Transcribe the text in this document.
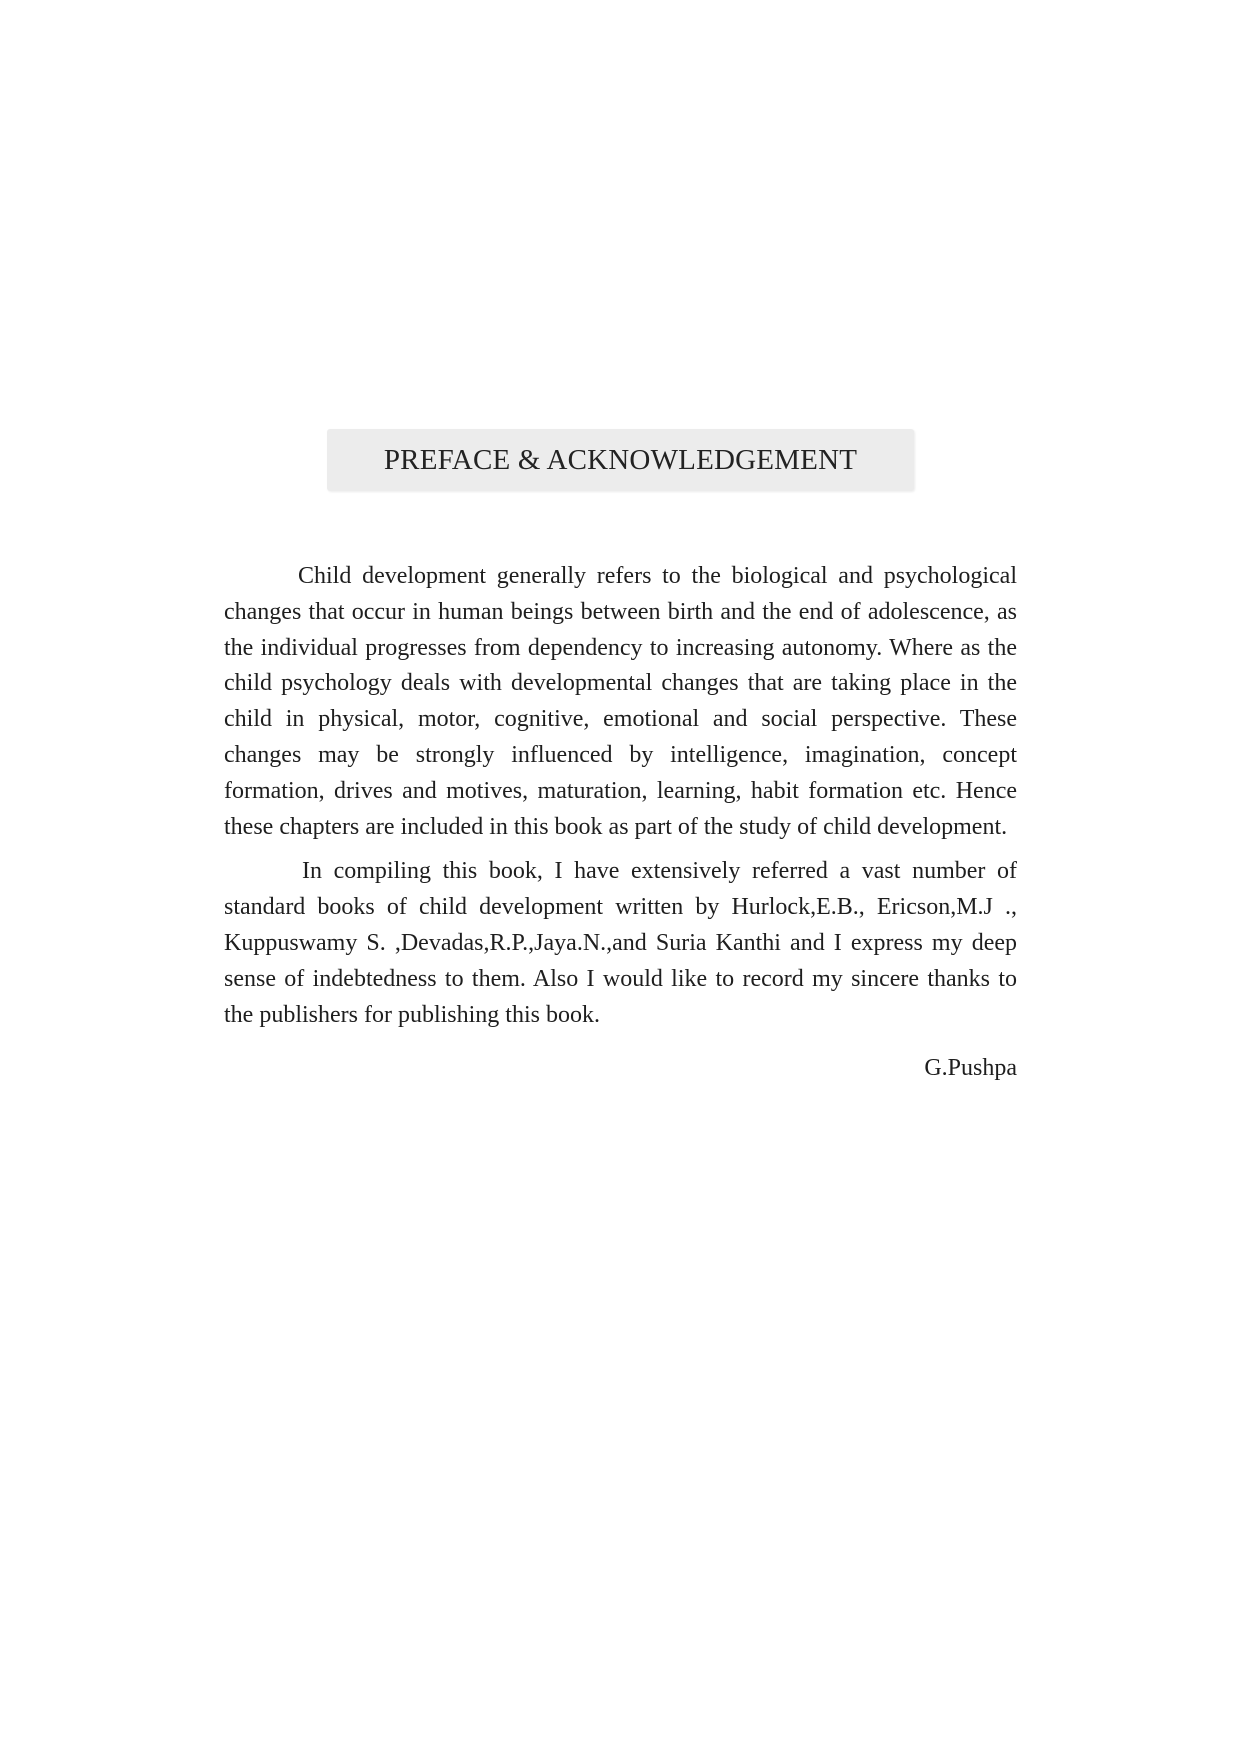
PREFACE & ACKNOWLEDGEMENT

Child development generally refers to the biological and psychological changes that occur in human beings between birth and the end of adolescence, as the individual progresses from dependency to increasing autonomy. Where as the child psychology deals with developmental changes that are taking place in the child in physical, motor, cognitive, emotional and social perspective. These changes may be strongly influenced by intelligence, imagination, concept formation, drives and motives, maturation, learning, habit formation etc. Hence these chapters are included in this book as part of the study of child development.

In compiling this book, I have extensively referred a vast number of standard books of child development written by Hurlock,E.B., Ericson,M.J ., Kuppuswamy S. ,Devadas,R.P.,Jaya.N.,and Suria Kanthi and I express my deep sense of indebtedness to them. Also I would like to record my sincere thanks to the publishers for publishing this book.

G.Pushpa
